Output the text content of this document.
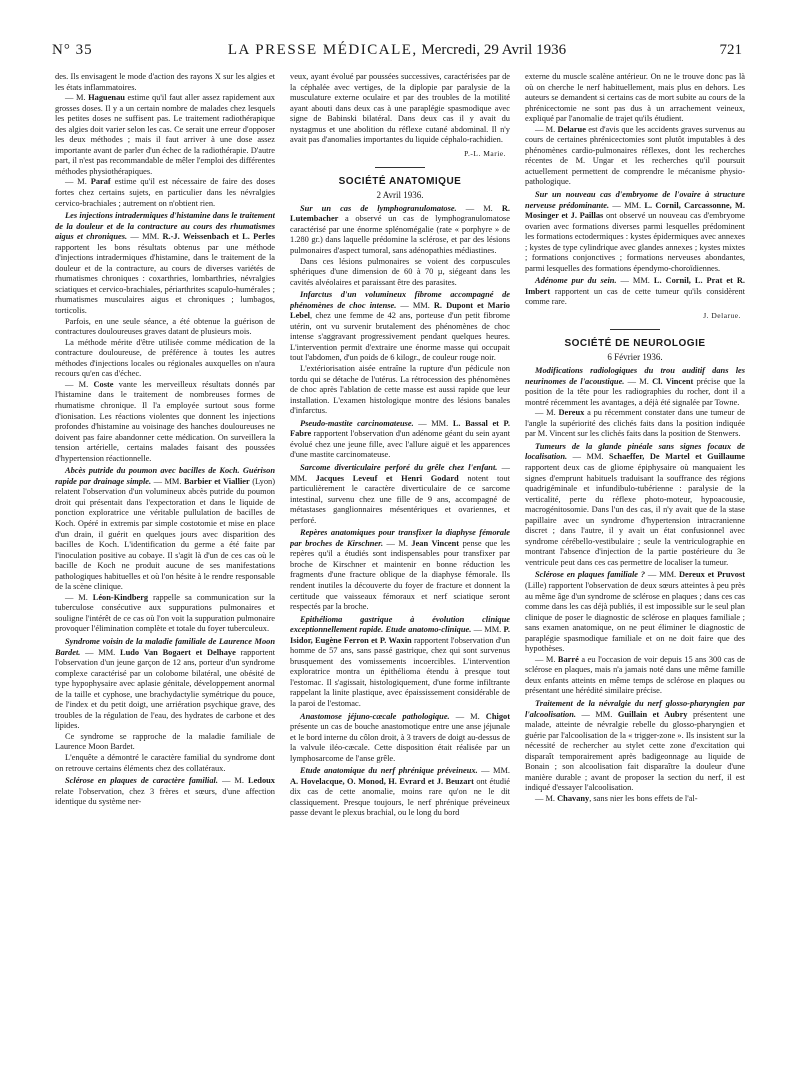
N° 35	LA PRESSE MÉDICALE, Mercredi, 29 Avril 1936	721

des. Ils envisagent le mode d'action des rayons X sur les algies et les états inflammatoires.

— M. Haguenau estime qu'il faut aller assez rapidement aux grosses doses. Il y a un certain nombre de malades chez lesquels les petites doses ne suffisent pas. Le traitement radiothérapique des algies doit varier selon les cas. Ce serait une erreur d'opposer les deux méthodes ; mais il faut arriver à une dose assez importante avant de parler d'un échec de la radiothérapie. D'autre part, il n'est pas recommandable de mêler l'emploi des différentes méthodes physiothérapiques.

— M. Paraf estime qu'il est nécessaire de faire des doses fortes chez certains sujets, en particulier dans les névralgies cervico-brachiales ; autrement on n'obtient rien.

Les injections intradermiques d'histamine dans le traitement de la douleur et de la contracture au cours des rhumatismes aigus et chroniques. — MM. R.-J. Weissenbach et L. Perles rapportent les bons résultats obtenus par une méthode d'injections intradermiques d'histamine, dans le traitement de la douleur et de la contracture, au cours de diverses variétés de rhumatismes chroniques : coxarthries, lombarthries, névralgies sciatiques et cervico-brachiales, périarthrites scapulo-humérales ; rhumatismes musculaires aigus et chroniques ; lumbagos, torticolis.

Parfois, en une seule séance, a été obtenue la guérison de contractures douloureuses graves datant de plusieurs mois.

La méthode mérite d'être utilisée comme médication de la contracture douloureuse, de préférence à toutes les autres méthodes d'injections locales ou régionales auxquelles on n'aura recours qu'en cas d'échec.

— M. Coste vante les merveilleux résultats donnés par l'histamine dans le traitement de nombreuses formes de rhumatisme chronique. Il l'a employée surtout sous forme d'ionisation. Les réactions violentes que donnent les injections profondes d'histamine au voisinage des hanches douloureuses ne doivent pas faire abandonner cette médication. On surveillera la tension artérielle, certains malades faisant des poussées d'hypertension réactionnelle.

Abcès putride du poumon avec bacilles de Koch. Guérison rapide par drainage simple. — MM. Barbier et Viallier (Lyon) relatent l'observation d'un volumineux abcès putride du poumon droit qui présentait dans l'expectoration et dans le liquide de ponction exploratrice une véritable pullulation de bacilles de Koch. Opéré in extremis par simple costotomie et mise en place d'un drain, il guérit en quelques jours avec disparition des bacilles de Koch. L'identification du germe a été faite par l'inoculation positive au cobaye. Il s'agit là d'un de ces cas où le bacille de Koch ne produit aucune de ses manifestations pathologiques habituelles et où l'on hésite à le rendre responsable de la scène clinique.

— M. Léon-Kindberg rappelle sa communication sur la tuberculose consécutive aux suppurations pulmonaires et souligne l'intérêt de ce cas où l'on voit la suppuration pulmonaire provoquer l'élimination complète et totale du foyer tuberculeux.

Syndrome voisin de la maladie familiale de Laurence Moon Bardet. — MM. Ludo Van Bogaert et Delhaye rapportent l'observation d'un jeune garçon de 12 ans, porteur d'un syndrome complexe caractérisé par un colobome bilatéral, une obésité de type hypophysaire avec aplasie génitale, développement anormal de la taille et cyphose, une brachydactylie symétrique du pouce, de l'index et du petit doigt, une arriération psychique grave, des troubles de la régulation de l'eau, des hydrates de carbone et des lipides.

Ce syndrome se rapproche de la maladie familiale de Laurence Moon Bardet.

L'enquête a démontré le caractère familial du syndrome dont on retrouve certains éléments chez des collatéraux.

Sclérose en plaques de caractère familial. — M. Ledoux relate l'observation, chez 3 frères et sœurs, d'une affection identique du système ner-

veux, ayant évolué par poussées successives, caractérisées par de la céphalée avec vertiges, de la diplopie par paralysie de la musculature externe oculaire et par des troubles de la motilité ayant abouti dans deux cas à une paraplégie spasmodique avec signe de Babinski bilatéral. Dans deux cas il y avait du nystagmus et une abolition du réflexe cutané abdominal. Il n'y avait pas d'anomalies importantes du liquide céphalo-rachidien.

P.-L. Marie.
SOCIÉTÉ ANATOMIQUE
2 Avril 1936.

Sur un cas de lymphogranulomatose. — M. R. Lutembacher a observé un cas de lymphogranulomatose caractérisé par une énorme splénomégalie (rate « porphyre » de 1.280 gr.) dans laquelle prédomine la sclérose, et par des lésions pulmonaires d'aspect tumoral, sans adénopathies médiastines.

Dans ces lésions pulmonaires se voient des corpuscules sphériques d'une dimension de 60 à 70 µ, siégeant dans les cavités alvéolaires et paraissant être des parasites.

Infarctus d'un volumineux fibrome accompagné de phénomènes de choc intense. — MM. R. Dupont et Mario Lebel, chez une femme de 42 ans, porteuse d'un petit fibrome utérin, ont vu survenir brutalement des phénomènes de choc intense s'aggravant progressivement pendant quelques heures. L'intervention permit d'extraire une énorme masse qui occupait tout l'abdomen, d'un poids de 6 kilogr., de couleur rouge noir.

L'extériorisation aisée entraîne la rupture d'un pédicule non tordu qui se détache de l'utérus. La rétrocession des phénomènes de choc après l'ablation de cette masse est aussi rapide que leur installation. L'examen histologique montre des lésions banales d'infarctus.

Pseudo-mastite carcinomateuse. — MM. L. Bassal et P. Fabre rapportent l'observation d'un adénome géant du sein ayant évolué chez une jeune fille, avec l'allure aiguë et les apparences d'une mastite carcinomateuse.

Sarcome diverticulaire perforé du grêle chez l'enfant. — MM. Jacques Leveuf et Henri Godard notent tout particulièrement le caractère diverticulaire de ce sarcome intestinal, survenu chez une fille de 9 ans, accompagné de métastases ganglionnaires mésentériques et ovariennes, et perforé.

Repères anatomiques pour transfixer la diaphyse fémorale par broches de Kirschner. — M. Jean Vincent pense que les repères qu'il a étudiés sont indispensables pour transfixer par broche de Kirschner et maintenir en bonne réduction les fragments d'une fracture oblique de la diaphyse fémorale. Ils rendent inutiles la découverte du foyer de fracture et donnent la certitude que vaisseaux fémoraux et nerf sciatique seront respectés par la broche.

Epithélioma gastrique à évolution clinique exceptionnellement rapide. Etude anatomo-clinique. — MM. P. Isidor, Eugène Ferron et P. Waxin rapportent l'observation d'un homme de 57 ans, sans passé gastrique, chez qui sont survenus brusquement des vomissements incoercibles. L'intervention exploratrice montra un épithélioma étendu à presque tout l'estomac. Il s'agissait, histologiquement, d'une forme infiltrante rappelant la linite plastique, avec épaississement considérable de la paroi de l'estomac.

Anastomose jéjuno-cæcale pathologique. — M. Chigot présente un cas de bouche anastomotique entre une anse jéjunale et le bord interne du côlon droit, à 3 travers de doigt au-dessus de la valvule iléo-cæcale. Cette disposition était réalisée par un lymphosarcome de l'anse grêle.

Etude anatomique du nerf phrénique préveineux. — MM. A. Hovelacque, O. Monod, H. Evrard et J. Beuzart ont étudié dix cas de cette anomalie, moins rare qu'on ne le dit classiquement. Presque toujours, le nerf phrénique préveineux passe devant le plexus brachial, ou le long du bord

externe du muscle scalène antérieur. On ne le trouve donc pas là où on cherche le nerf habituellement, mais plus en dehors. Les auteurs se demandent si certains cas de mort subite au cours de la phrénicectomie ne sont pas dus à un arrachement veineux, expliqué par l'anomalie de trajet qu'ils étudient.

— M. Delarue est d'avis que les accidents graves survenus au cours de certaines phrénicectomies sont plutôt imputables à des phénomènes cardio-pulmonaires réflexes, dont les recherches récentes de M. Ungar et les recherches qu'il poursuit actuellement permettent de comprendre le mécanisme physio-pathologique.

Sur un nouveau cas d'embryome de l'ovaire à structure nerveuse prédominante. — MM. L. Cornil, Carcassonne, M. Mosinger et J. Paillas ont observé un nouveau cas d'embryome ovarien avec formations diverses parmi lesquelles prédominent les formations ectodermiques : kystes épidermiques avec annexes ; kystes de type cylindrique avec glandes annexes ; kystes mixtes ; formations conjonctives ; formations nerveuses abondantes, parmi lesquelles des formations épendymo-choroïdiennes.

Adénome pur du sein. — MM. L. Cornil, L. Prat et R. Imbert rapportent un cas de cette tumeur qu'ils considèrent comme rare.

J. Delarue.
SOCIÉTÉ DE NEUROLOGIE
6 Février 1936.

Modifications radiologiques du trou auditif dans les neurinomes de l'acoustique. — M. Cl. Vincent précise que la position de la tête pour les radiographies du rocher, dont il a montré récemment les avantages, a déjà été signalée par Towne.

— M. Dereux a pu récemment constater dans une tumeur de l'angle la supériorité des clichés faits dans la position indiquée par M. Vincent sur les clichés faits dans la position de Stenwers.

Tumeurs de la glande pinéale sans signes focaux de localisation. — MM. Schaeffer, De Martel et Guillaume rapportent deux cas de gliome épiphysaire où manquaient les signes d'emprunt habituels traduisant la souffrance des régions quadrigéminale et infundibulo-tubérienne : paralysie de la verticalité, perte du réflexe photo-moteur, hypoacousie, macrogénitosomie. Dans l'un des cas, il n'y avait que de la stase papillaire avec un syndrome d'hypertension intracranienne discret ; dans l'autre, il y avait un état confusionnel avec syndrome cérébello-vestibulaire ; seule la ventriculographie en montrant l'absence d'injection de la partie postérieure du 3e ventricule peut dans ces cas permettre de localiser la tumeur.

Sclérose en plaques familiale ? — MM. Dereux et Pruvost (Lille) rapportent l'observation de deux sœurs atteintes à peu près au même âge d'un syndrome de sclérose en plaques ; dans ces cas comme dans les cas déjà publiés, il est impossible sur le seul plan clinique de poser le diagnostic de sclérose en plaques familiale ; sans examen anatomique, on ne peut éliminer le diagnostic de paraplégie spasmodique familiale et on ne doit faire que des hypothèses.

— M. Barré a eu l'occasion de voir depuis 15 ans 300 cas de sclérose en plaques, mais n'a jamais noté dans une même famille deux enfants atteints en même temps de sclérose en plaques ou présentant une hérédité similaire précise.

Traitement de la névralgie du nerf glosso-pharyngien par l'alcoolisation. — MM. Guillain et Aubry présentent une malade, atteinte de névralgie rebelle du glosso-pharyngien et guérie par l'alcoolisation de la « trigger-zone ». Ils insistent sur la nécessité de rechercher au stylet cette zone d'excitation qui disparaît temporairement après badigeonnage au liquide de Bonain ; son alcoolisation fait disparaître la douleur d'une manière durable ; avant de proposer la section du nerf, il est indiqué d'essayer l'alcoolisation.

— M. Chavany, sans nier les bons effets de l'al-
